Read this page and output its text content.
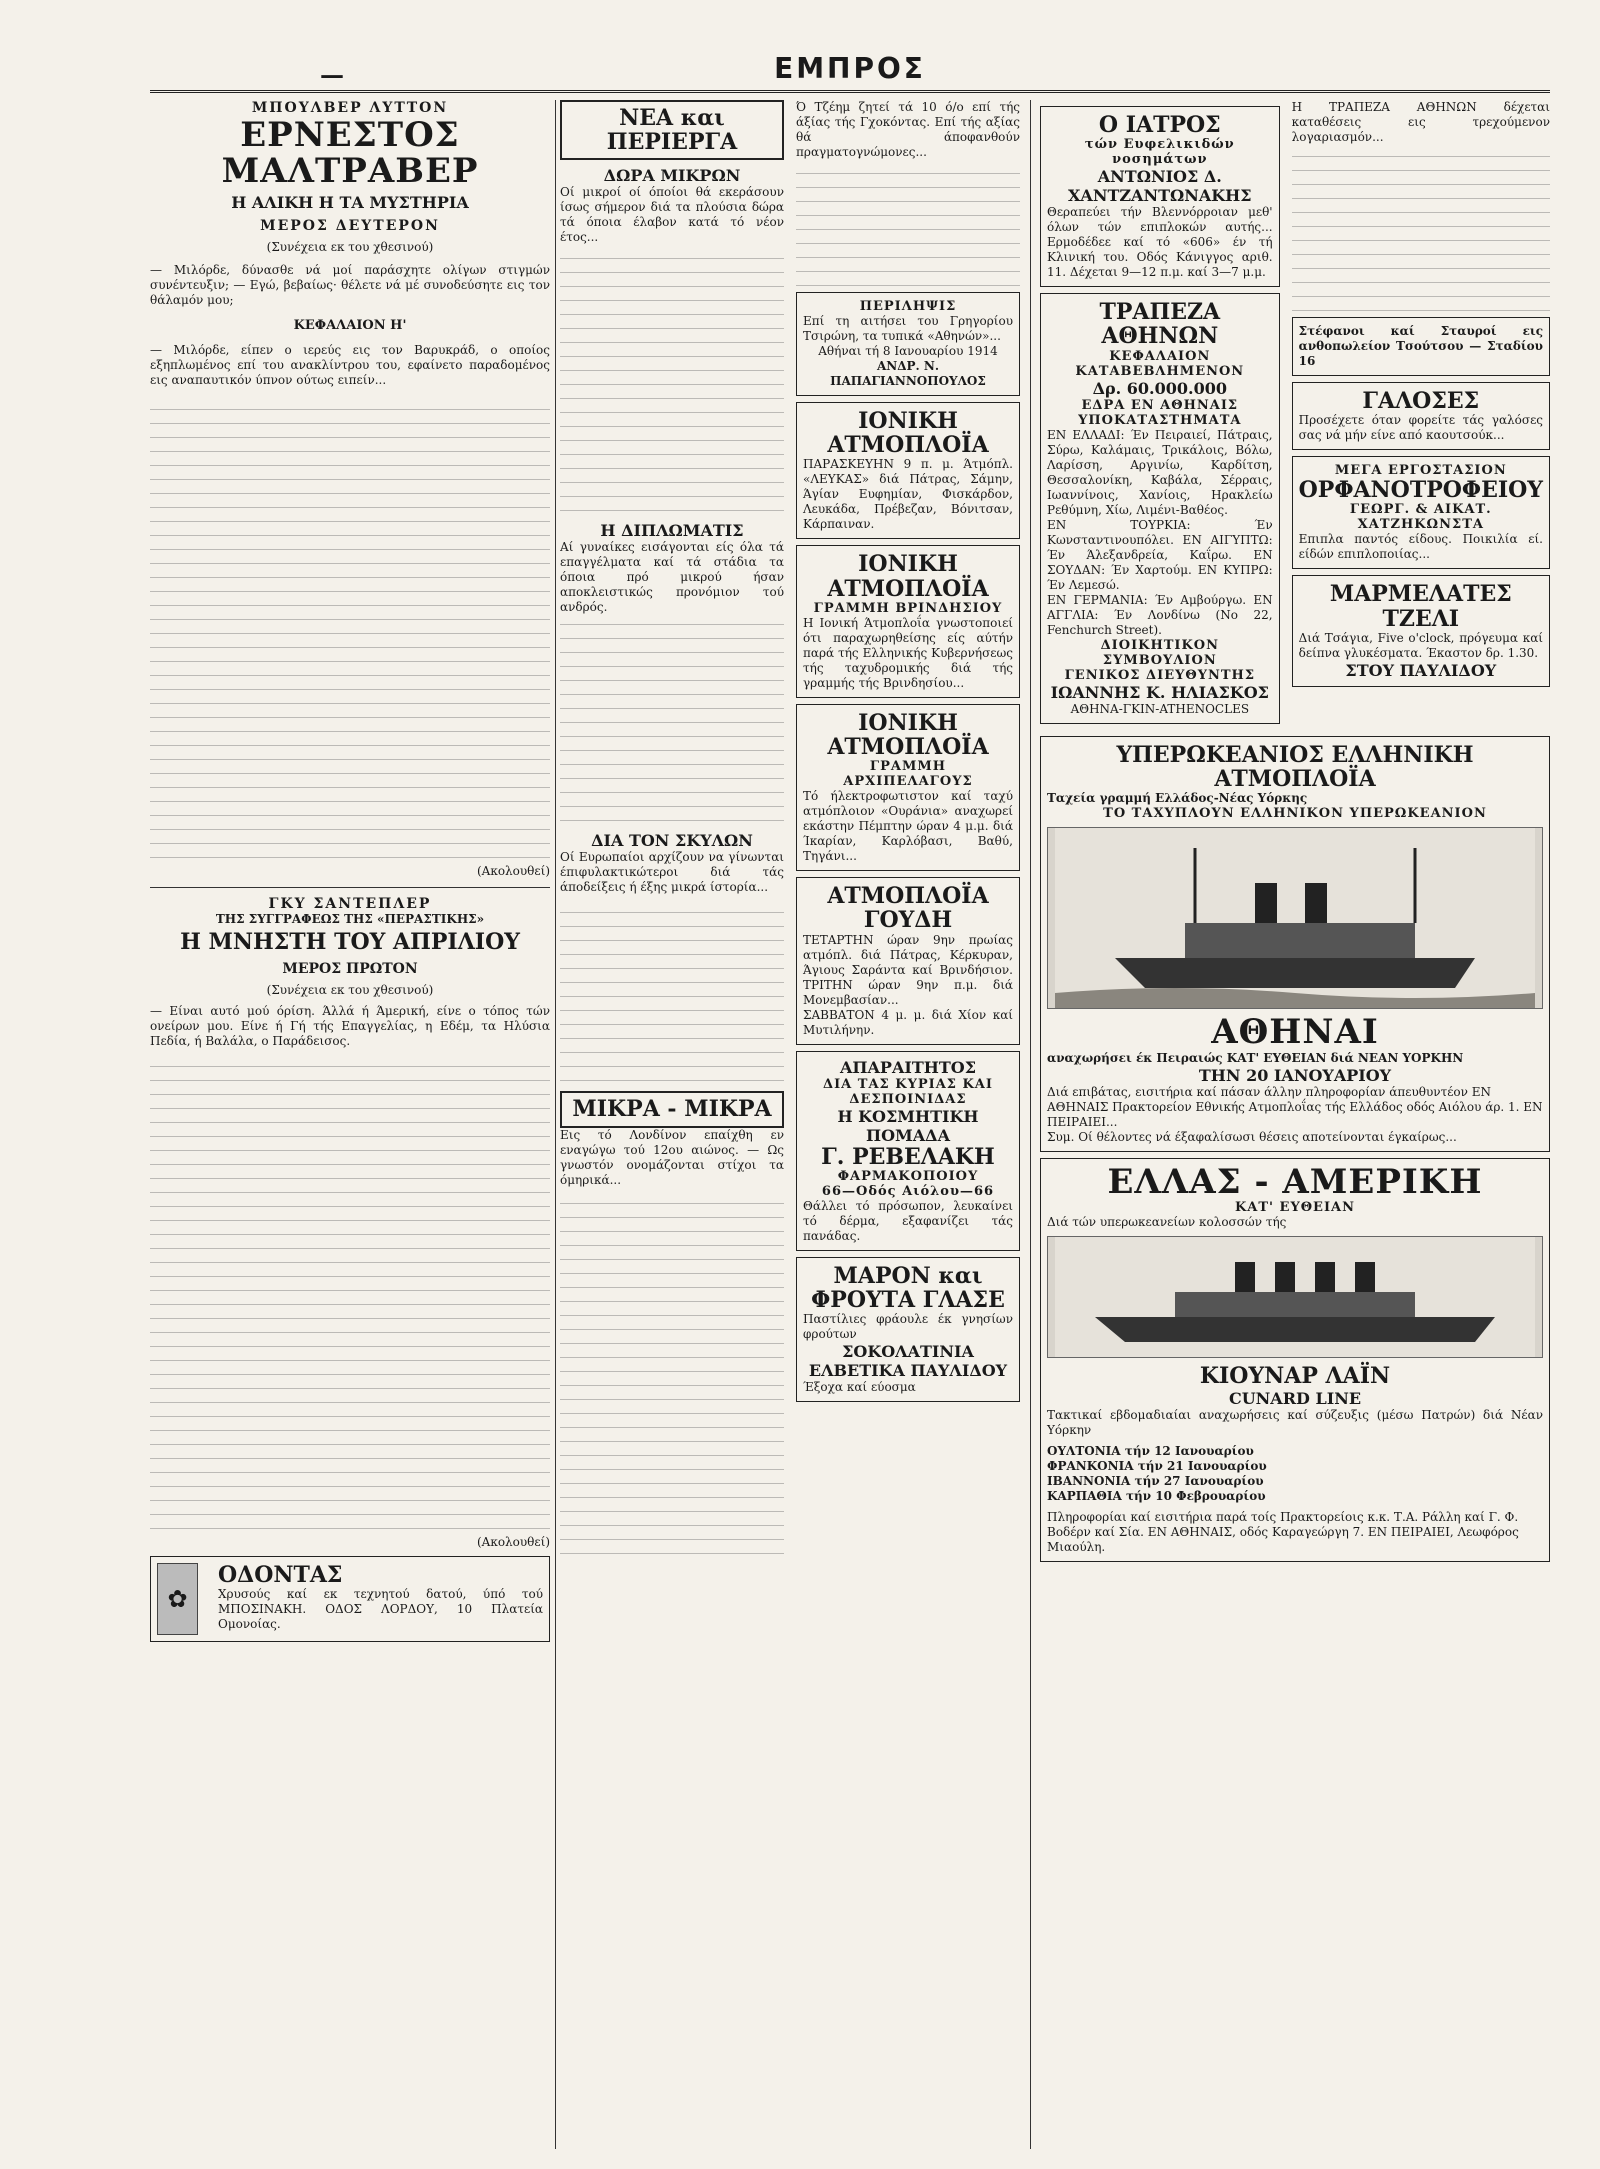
—	ΕΜΠΡΟΣ
ΜΠΟΥΛΒΕΡ ΛΥΤΤΟΝ
ΕΡΝΕΣΤΟΣ ΜΑΛΤΡΑΒΕΡ
Η ΑΛΙΚΗ Η ΤΑ ΜΥΣΤΗΡΙΑ
ΜΕΡΟΣ ΔΕΥΤΕΡΟΝ
(Συνέχεια εκ του χθεσινού)
— Μιλόρδε, δύνασθε νά μοί παράσχητε ολίγων στιγμών συνέντευξιν; — Εγώ, βεβαίως· θέλετε νά μέ συνοδεύσητε εις τον θάλαμόν μου;
ΚΕΦΑΛΑΙΟΝ Η'
— Μιλόρδε, είπεν ο ιερεύς εις τον Βαρυκράδ, ο οποίος εξηπλωμένος επί του ανακλίντρου του, εφαίνετο παραδομένος εις αναπαυτικόν ύπνον ούτως ειπείν...
(Ακολουθεί)
ΓΚΥ ΣΑΝΤΕΠΛΕΡ
ΤΗΣ ΣΥΓΓΡΑΦΕΩΣ ΤΗΣ «ΠΕΡΑΣΤΙΚΗΣ»
Η ΜΝΗΣΤΗ ΤΟΥ ΑΠΡΙΛΙΟΥ
ΜΕΡΟΣ ΠΡΩΤΟΝ
(Συνέχεια εκ του χθεσινού)
— Είναι αυτό μού όρίση. Άλλά ή Άμερική, είνε ο τόπος τών ονείρων μου. Είνε ή Γή τής Επαγγελίας, η Εδέμ, τα Ηλύσια Πεδία, ή Βαλάλα, ο Παράδεισος.
(Ακολουθεί)
✿
ΟΔΟΝΤΑΣ
Χρυσούς καί εκ τεχνητού δατού, ύπό τού ΜΠΟΣΙΝΑΚΗ. ΟΔΟΣ ΛΟΡΔΟΥ, 10 Πλατεία Ομονοίας.
ΝΕΑ και ΠΕΡΙΕΡΓΑ
ΔΩΡΑ ΜΙΚΡΩΝ
Οί μικροί οί όποίοι θά εκεράσουν ίσως σήμερον διά τα πλούσια δώρα τά όποια έλαβον κατά τό νέον έτος...
Η ΔΙΠΛΩΜΑΤΙΣ
Αί γυναίκες εισάγονται είς όλα τά επαγγέλματα καί τά στάδια τα όποια πρό μικρού ήσαν αποκλειστικώς προνόμιον τού ανδρός.
ΔΙΑ ΤΟΝ ΣΚΥΛΩΝ
Οί Ευρωπαίοι αρχίζουν να γίνωνται έπιφυλακτικώτεροι διά τάς άποδείξεις ή έξης μικρά ίστορία...
ΜΙΚΡΑ - ΜΙΚΡΑ
Εις τό Λονδίνον επαίχθη εν εναγώγω τού 12ου αιώνος. — Ως γνωστόν ονομάζονται στίχοι τα όμηρικά...
Ό Τζέημ ζητεί τά 10 ό/ο επί τής άξίας τής Γχοκόντας. Επί τής αξίας θά άποφανθούν πραγματογνώμονες...
ΠΕΡΙΛΗΨΙΣ
Επί τη αιτήσει του Γρηγορίου Τσιρώνη, τα τυπικά «Αθηνών»...
Αθήναι τή 8 Ιανουαρίου 1914
ΑΝΔΡ. Ν. ΠΑΠΑΓΙΑΝΝΟΠΟΥΛΟΣ
ΙΟΝΙΚΗ ΑΤΜΟΠΛΟΪΑ
ΠΑΡΑΣΚΕΥΗΝ 9 π. μ. Άτμόπλ. «ΛΕΥΚΑΣ» διά Πάτρας, Σάμην, Άγίαν Ευφημίαν, Φισκάρδον, Λευκάδα, Πρέβεζαν, Βόνιτσαν, Κάρπαιναν.
ΙΟΝΙΚΗ ΑΤΜΟΠΛΟΪΑ
ΓΡΑΜΜΗ ΒΡΙΝΔΗΣΙΟΥ
Η Ιονική Άτμοπλοΐα γνωστοποιεί ότι παραχωρηθείσης είς αύτήν παρά τής Ελληνικής Κυβερνήσεως τής ταχυδρομικής διά τής γραμμής τής Βρινδησίου...
ΙΟΝΙΚΗ ΑΤΜΟΠΛΟΪΑ
ΓΡΑΜΜΗ ΑΡΧΙΠΕΛΑΓΟΥΣ
Τό ήλεκτροφωτιστον καί ταχύ ατμόπλοιον «Ουράνια» αναχωρεί εκάστην Πέμπτην ώραν 4 μ.μ. διά Ίκαρίαν, Καρλόβασι, Βαθύ, Τηγάνι...
ΑΤΜΟΠΛΟΪΑ ΓΟΥΔΗ
ΤΕΤΑΡΤΗΝ ώραν 9ην πρωίας ατμόπλ. διά Πάτρας, Κέρκυραν, Άγιους Σαράντα καί Βρινδήσιον. ΤΡΙΤΗΝ ώραν 9ην π.μ. διά Μονεμβασίαν...
ΣΑΒΒΑΤΟΝ 4 μ. μ. διά Χίον καί Μυτιλήνην.
ΑΠΑΡΑΙΤΗΤΟΣ
ΔΙΑ ΤΑΣ ΚΥΡΙΑΣ ΚΑΙ ΔΕΣΠΟΙΝΙΔΑΣ
Η ΚΟΣΜΗΤΙΚΗ ΠΟΜΑΔΑ
Γ. ΡΕΒΕΛΑΚΗ
ΦΑΡΜΑΚΟΠΟΙΟΥ
66—Οδός Αιόλου—66
Θάλλει τό πρόσωπον, λευκαίνει τό δέρμα, εξαφανίζει τάς πανάδας.
ΜΑΡΟΝ και ΦΡΟΥΤΑ ΓΛΑΣΕ
Παστίλιες φράουλε έκ γνησίων φρούτων
ΣΟΚΟΛΑΤΙΝΙΑ ΕΛΒΕΤΙΚΑ ΠΑΥΛΙΔΟΥ
Έξοχα καί εύοσμα
Ο ΙΑΤΡΟΣ
τών Ευφελικιδών νοσημάτων
ΑΝΤΩΝΙΟΣ Δ. ΧΑΝΤΖΑΝΤΩΝΑΚΗΣ
Θεραπεύει τήν Βλεννόρροιαν μεθ' όλων τών επιπλοκών αυτής... Ερμοδέδεε καί τό «606» έν τή Κλινική του. Οδός Κάνιγγος αριθ. 11. Δέχεται 9—12 π.μ. καί 3—7 μ.μ.
ΤΡΑΠΕΖΑ ΑΘΗΝΩΝ
ΚΕΦΑΛΑΙΟΝ ΚΑΤΑΒΕΒΛΗΜΕΝΟΝ
Δρ. 60.000.000
ΕΔΡΑ ΕΝ ΑΘΗΝΑΙΣ
ΥΠΟΚΑΤΑΣΤΗΜΑΤΑ
ΕΝ ΕΛΛΑΔΙ: Έν Πειραιεί, Πάτραις, Σύρω, Καλάμαις, Τρικάλοις, Βόλω, Λαρίσση, Αργινίω, Καρδίτση, Θεσσαλονίκη, Καβάλα, Σέρραις, Ιωαννίνοις, Χανίοις, Ηρακλείω Ρεθύμνη, Χίω, Λιμένι-Βαθέος.
ΕΝ ΤΟΥΡΚΙΑ: Έν Κωνσταντινουπόλει. ΕΝ ΑΙΓΥΠΤΩ: Έν Άλεξανδρεία, Καΐρω. ΕΝ ΣΟΥΔΑΝ: Έν Χαρτούμ. ΕΝ ΚΥΠΡΩ: Έν Λεμεσώ.
ΕΝ ΓΕΡΜΑΝΙΑ: Έν Αμβούργω. ΕΝ ΑΓΓΛΙΑ: Έν Λονδίνω (No 22, Fenchurch Street).
ΔΙΟΙΚΗΤΙΚΟΝ ΣΥΜΒΟΥΛΙΟΝ
ΓΕΝΙΚΟΣ ΔΙΕΥΘΥΝΤΗΣ
ΙΩΑΝΝΗΣ Κ. ΗΛΙΑΣΚΟΣ
ΑΘΗΝΑ-ΓΚΙΝ-ATHENOCLES
Η ΤΡΑΠΕΖΑ ΑΘΗΝΩΝ δέχεται καταθέσεις εις τρεχούμενον λογαριασμόν...
Στέφανοι καί Σταυροί εις ανθοπωλείον Τσούτσου — Σταδίου 16
ΓΑΛΟΣΕΣ
Προσέχετε όταν φορείτε τάς γαλόσες σας νά μήν είνε από καουτσούκ...
ΜΕΓΑ ΕΡΓΟΣΤΑΣΙΟΝ
ΟΡΦΑΝΟΤΡΟΦΕΙΟΥ
ΓΕΩΡΓ. & ΑΙΚΑΤ. ΧΑΤΖΗΚΩΝΣΤΑ
Επιπλα παντός είδους. Ποικιλία εί. είδών επιπλοποιίας...
ΜΑΡΜΕΛΑΤΕΣ ΤΖΕΛΙ
Διά Τσάγια, Five o'clock, πρόγευμα καί δείπνα γλυκέσματα. Έκαστον δρ. 1.30.
ΣΤΟΥ ΠΑΥΛΙΔΟΥ
ΥΠΕΡΩΚΕΑΝΙΟΣ ΕΛΛΗΝΙΚΗ ΑΤΜΟΠΛΟΪΑ
Ταχεία γραμμή Ελλάδος-Νέας Υόρκης
ΤΟ ΤΑΧΥΠΛΟΥΝ ΕΛΛΗΝΙΚΟΝ ΥΠΕΡΩΚΕΑΝΙΟΝ
ΑΘΗΝΑΙ
αναχωρήσει έκ Πειραιώς ΚΑΤ' ΕΥΘΕΙΑΝ διά ΝΕΑΝ ΥΟΡΚΗΝ
ΤΗΝ 20 ΙΑΝΟΥΑΡΙΟΥ
Διά επιβάτας, εισιτήρια καί πάσαν άλλην πληροφορίαν άπευθυντέον ΕΝ ΑΘΗΝΑΙΣ Πρακτορείον Εθνικής Ατμοπλοΐας τής Ελλάδος οδός Αιόλου άρ. 1. ΕΝ ΠΕΙΡΑΙΕΙ...
Συμ. Οί θέλοντες νά έξαφαλίσωσι θέσεις αποτείνονται έγκαίρως...
ΕΛΛΑΣ - ΑΜΕΡΙΚΗ
ΚΑΤ' ΕΥΘΕΙΑΝ
Διά τών υπερωκεανείων κολοσσών τής
ΚΙΟΥΝΑΡ ΛΑΪΝ
CUNARD LINE
Τακτικαί εβδομαδιαίαι αναχωρήσεις καί σύζευξις (μέσω Πατρών) διά Νέαν Υόρκην
ΟΥΛΤΟΝΙΑ τήν 12 Ιανουαρίου
ΦΡΑΝΚΟΝΙΑ τήν 21 Ιανουαρίου
ΙΒΑΝΝΟΝΙΑ τήν 27 Ιανουαρίου
ΚΑΡΠΑΘΙΑ τήν 10 Φεβρουαρίου
Πληροφορίαι καί εισιτήρια παρά τοίς Πρακτορείοις κ.κ. Τ.Α. Ράλλη καί Γ. Φ. Βοδέρν καί Σία. ΕΝ ΑΘΗΝΑΙΣ, οδός Καραγεώργη 7. ΕΝ ΠΕΙΡΑΙΕΙ, Λεωφόρος Μιαούλη.
